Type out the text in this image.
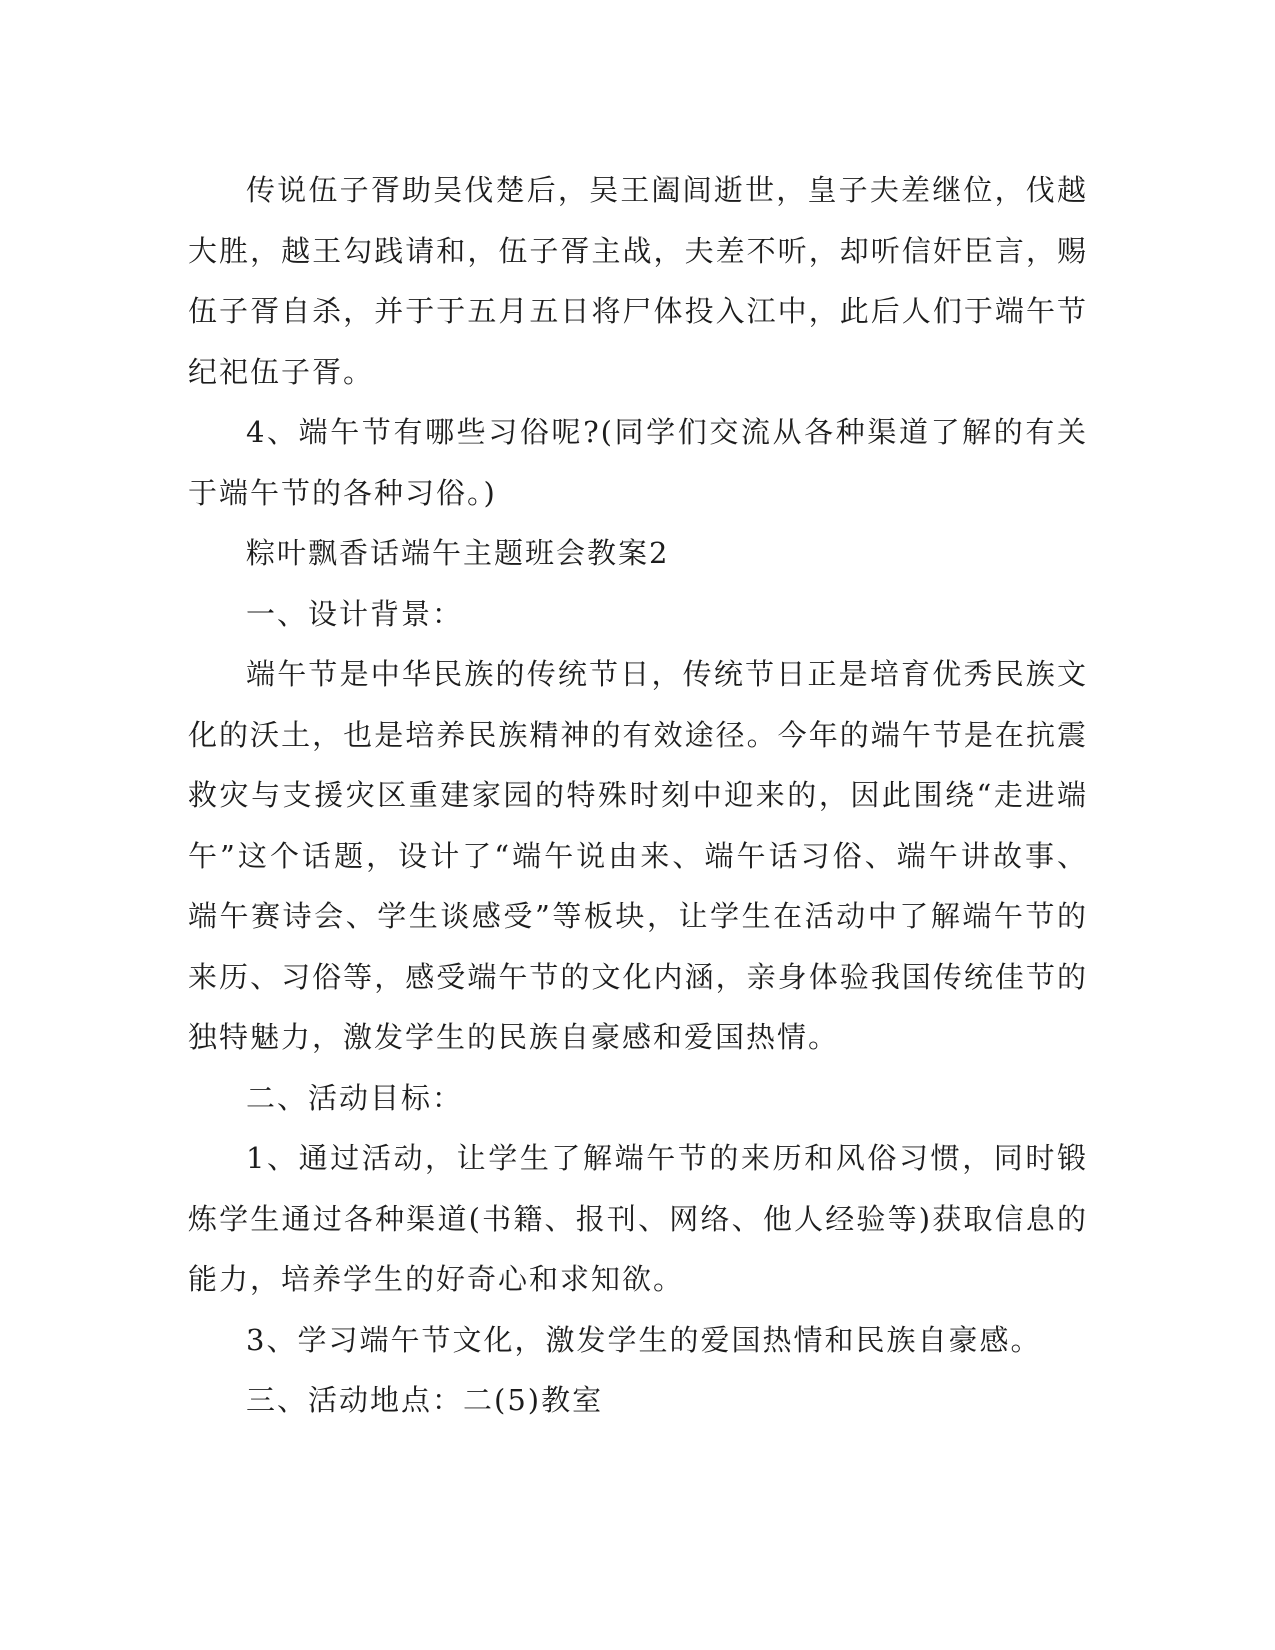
传说伍子胥助吴伐楚后，吴王阖闾逝世，皇子夫差继位，伐越大胜，越王勾践请和，伍子胥主战，夫差不听，却听信奸臣言，赐伍子胥自杀，并于于五月五日将尸体投入江中，此后人们于端午节纪祀伍子胥。

4、端午节有哪些习俗呢?(同学们交流从各种渠道了解的有关于端午节的各种习俗。)

粽叶飘香话端午主题班会教案2

一、设计背景：

端午节是中华民族的传统节日，传统节日正是培育优秀民族文化的沃土，也是培养民族精神的有效途径。今年的端午节是在抗震救灾与支援灾区重建家园的特殊时刻中迎来的，因此围绕“走进端午”这个话题，设计了“端午说由来、端午话习俗、端午讲故事、端午赛诗会、学生谈感受”等板块，让学生在活动中了解端午节的来历、习俗等，感受端午节的文化内涵，亲身体验我国传统佳节的独特魅力，激发学生的民族自豪感和爱国热情。

二、活动目标：

1、通过活动，让学生了解端午节的来历和风俗习惯，同时锻炼学生通过各种渠道(书籍、报刊、网络、他人经验等)获取信息的能力，培养学生的好奇心和求知欲。

3、学习端午节文化，激发学生的爱国热情和民族自豪感。

三、活动地点：二(5)教室
